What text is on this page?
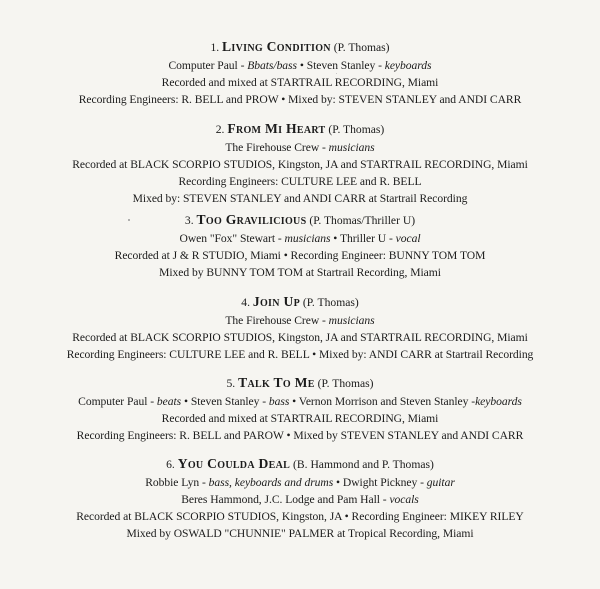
1. Living Condition (P. Thomas)
Computer Paul - Bbats/bass • Steven Stanley - keyboards
Recorded and mixed at STARTRAIL RECORDING, Miami
Recording Engineers: R. BELL and PROW • Mixed by: STEVEN STANLEY and ANDI CARR
2. From Mi Heart (P. Thomas)
The Firehouse Crew - musicians
Recorded at BLACK SCORPIO STUDIOS, Kingston, JA and STARTRAIL RECORDING, Miami
Recording Engineers: CULTURE LEE and R. BELL
Mixed by: STEVEN STANLEY and ANDI CARR at Startrail Recording
3. Too Gravilicious (P. Thomas/Thriller U)
Owen "Fox" Stewart - musicians • Thriller U - vocal
Recorded at J & R STUDIO, Miami • Recording Engineer: BUNNY TOM TOM
Mixed by BUNNY TOM TOM at Startrail Recording, Miami
4. Join Up (P. Thomas)
The Firehouse Crew - musicians
Recorded at BLACK SCORPIO STUDIOS, Kingston, JA and STARTRAIL RECORDING, Miami
Recording Engineers: CULTURE LEE and R. BELL • Mixed by: ANDI CARR at Startrail Recording
5. Talk To Me (P. Thomas)
Computer Paul - beats • Steven Stanley - bass • Vernon Morrison and Steven Stanley -keyboards
Recorded and mixed at STARTRAIL RECORDING, Miami
Recording Engineers: R. BELL and PAROW • Mixed by STEVEN STANLEY and ANDI CARR
6. You Coulda Deal (B. Hammond and P. Thomas)
Robbie Lyn - bass, keyboards and drums • Dwight Pickney - guitar
Beres Hammond, J.C. Lodge and Pam Hall - vocals
Recorded at BLACK SCORPIO STUDIOS, Kingston, JA • Recording Engineer: MIKEY RILEY
Mixed by OSWALD "CHUNNIE" PALMER at Tropical Recording, Miami
